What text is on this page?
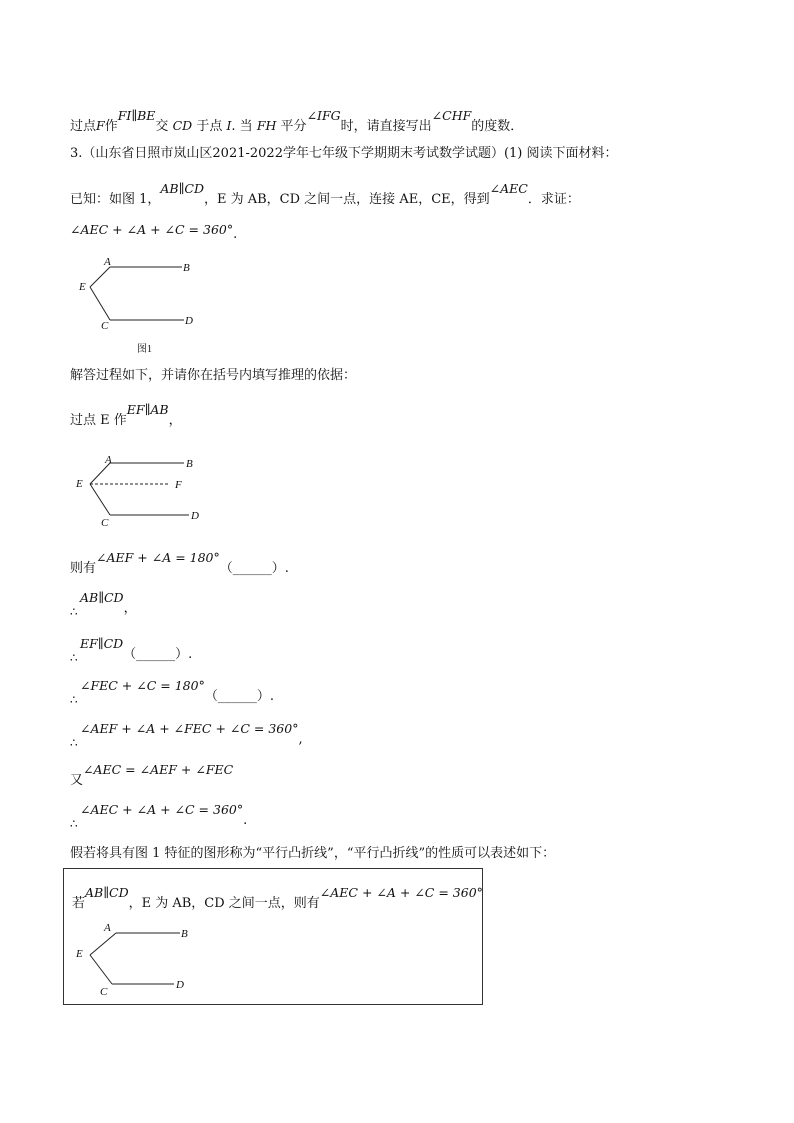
过点F作FI∥BE交 CD 于点 I. 当 FH 平分∠IFG时，请直接写出∠CHF的度数．
3.（山东省日照市岚山区2021-2022学年七年级下学期期末考试数学试题）(1) 阅读下面材料：
已知：如图 1，AB∥CD，E 为 AB，CD 之间一点，连接 AE，CE，得到∠AEC．求证：
∠AEC + ∠A + ∠C = 360°.
A	B
E
C	D
图1
解答过程如下，并请你在括号内填写推理的依据：
过点 E 作EF∥AB，
A	B
E	F
C
D
则有∠AEF + ∠A = 180°（______）.
∴AB∥CD，
∴EF∥CD（______）.
∴∠FEC + ∠C = 180°（______）.
∴∠AEF + ∠A + ∠FEC + ∠C = 360°,
又∠AEC = ∠AEF + ∠FEC
∴∠AEC + ∠A + ∠C = 360°.
假若将具有图 1 特征的图形称为“平行凸折线”，“平行凸折线”的性质可以表述如下：
若AB∥CD，E 为 AB，CD 之间一点，则有∠AEC + ∠A + ∠C = 360°
A	B
E
C
D
